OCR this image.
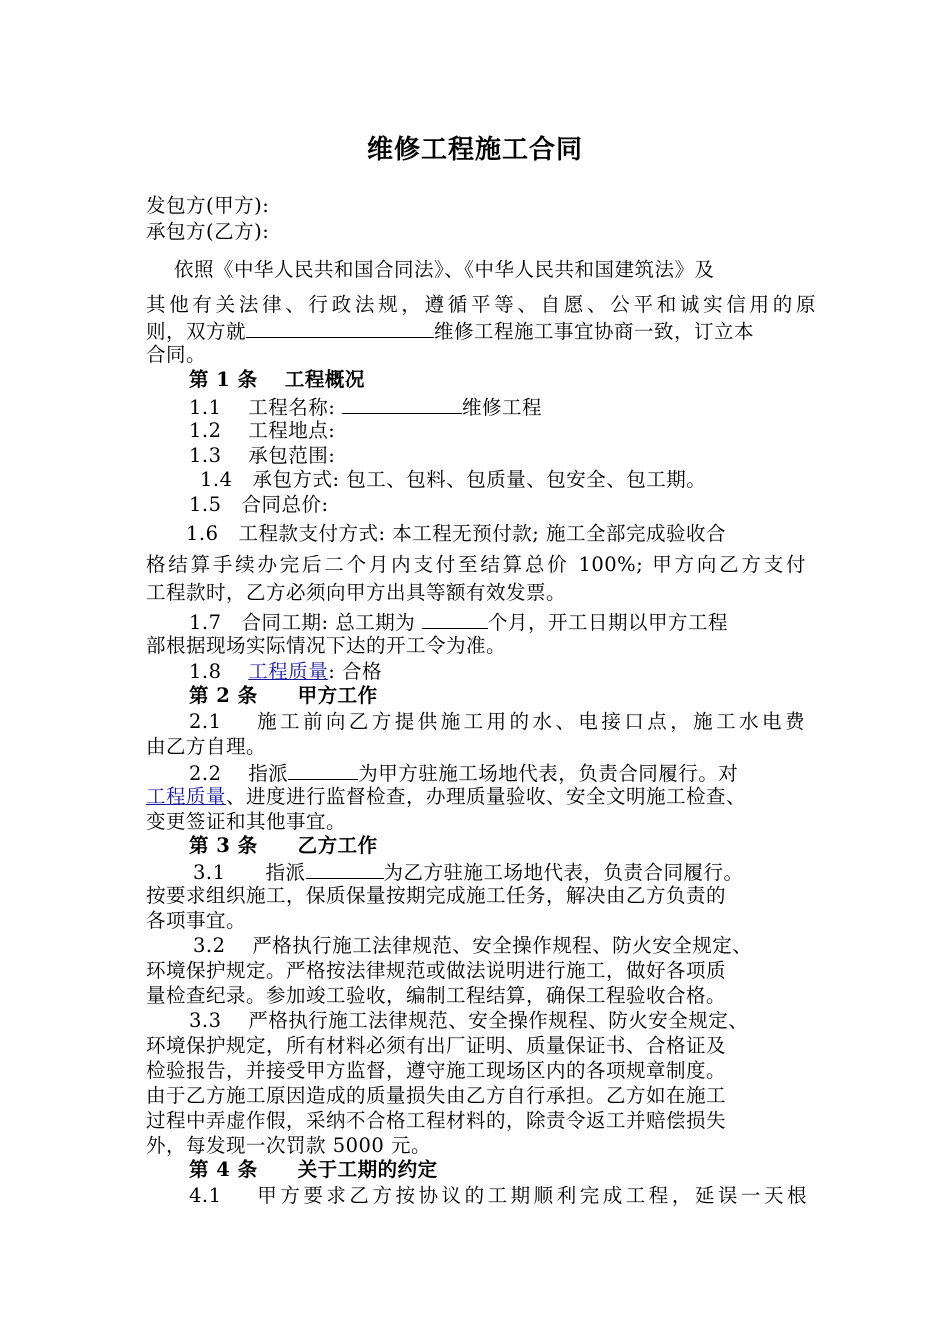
维修工程施工合同
发包方(甲方):
承包方(乙方):
依照《中华人民共和国合同法》、《中华人民共和国建筑法》及
其他有关法律、行政法规，遵循平等、自愿、公平和诚实信用的原
则，双方就	维修工程施工事宜协商一致，订立本
合同。
第 1 条　 工程概况
1.1　 工程名称:	维修工程
1.2　 工程地点:
1.3　 承包范围:
1.4　承包方式: 包工、包料、包质量、包安全、包工期。
1.5　合同总价:
1.6　工程款支付方式: 本工程无预付款; 施工全部完成验收合
格结算手续办完后二个月内支付至结算总价 100%; 甲方向乙方支付
工程款时，乙方必须向甲方出具等额有效发票。
1.7　合同工期: 总工期为	个月，开工日期以甲方工程
部根据现场实际情况下达的开工令为准。
1.8　 工程质量: 合格
第 2 条　　甲方工作
2.1　 施工前向乙方提供施工用的水、电接口点，施工水电费
由乙方自理。
2.2　 指派	为甲方驻施工场地代表，负责合同履行。对
工程质量、进度进行监督检查，办理质量验收、安全文明施工检查、
变更签证和其他事宜。
第 3 条　　乙方工作
3.1　　指派	为乙方驻施工场地代表，负责合同履行。
按要求组织施工，保质保量按期完成施工任务，解决由乙方负责的
各项事宜。
3.2　 严格执行施工法律规范、安全操作规程、防火安全规定、
环境保护规定。严格按法律规范或做法说明进行施工，做好各项质
量检查纪录。参加竣工验收，编制工程结算，确保工程验收合格。
3.3　 严格执行施工法律规范、安全操作规程、防火安全规定、
环境保护规定，所有材料必须有出厂证明、质量保证书、合格证及
检验报告，并接受甲方监督，遵守施工现场区内的各项规章制度。
由于乙方施工原因造成的质量损失由乙方自行承担。乙方如在施工
过程中弄虚作假，采纳不合格工程材料的，除责令返工并赔偿损失
外，每发现一次罚款 5000 元。
第 4 条　　关于工期的约定
4.1　 甲方要求乙方按协议的工期顺利完成工程，延误一天根
